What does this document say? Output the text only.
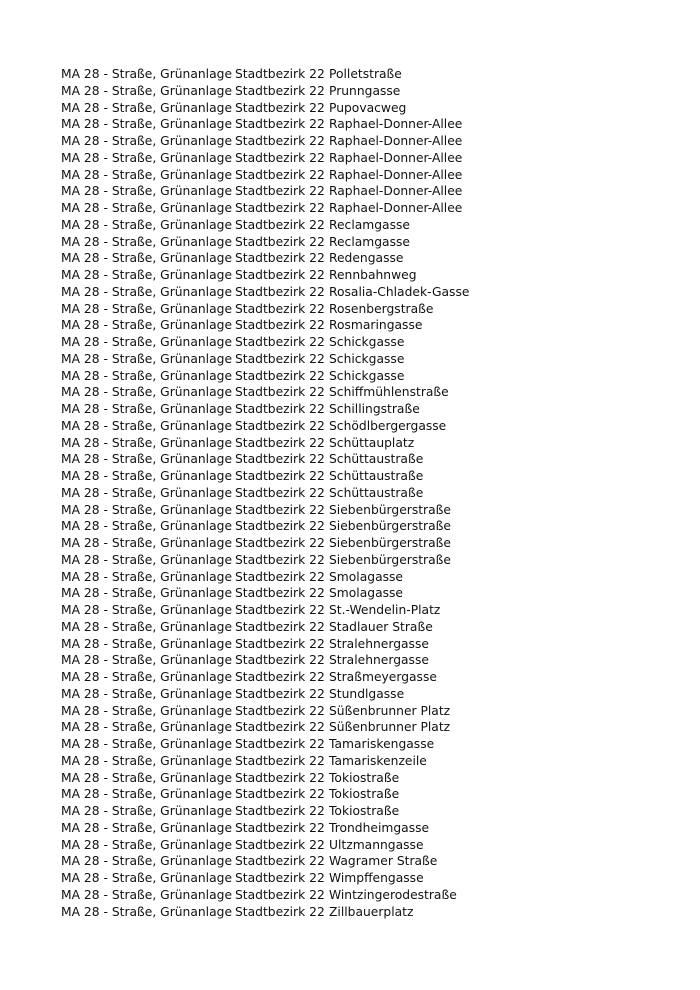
MA 28 - Straße, Grünanlage Stadtbezirk 22 Polletstraße
MA 28 - Straße, Grünanlage Stadtbezirk 22 Prunngasse
MA 28 - Straße, Grünanlage Stadtbezirk 22 Pupovacweg
MA 28 - Straße, Grünanlage Stadtbezirk 22 Raphael-Donner-Allee
MA 28 - Straße, Grünanlage Stadtbezirk 22 Raphael-Donner-Allee
MA 28 - Straße, Grünanlage Stadtbezirk 22 Raphael-Donner-Allee
MA 28 - Straße, Grünanlage Stadtbezirk 22 Raphael-Donner-Allee
MA 28 - Straße, Grünanlage Stadtbezirk 22 Raphael-Donner-Allee
MA 28 - Straße, Grünanlage Stadtbezirk 22 Raphael-Donner-Allee
MA 28 - Straße, Grünanlage Stadtbezirk 22 Reclamgasse
MA 28 - Straße, Grünanlage Stadtbezirk 22 Reclamgasse
MA 28 - Straße, Grünanlage Stadtbezirk 22 Redengasse
MA 28 - Straße, Grünanlage Stadtbezirk 22 Rennbahnweg
MA 28 - Straße, Grünanlage Stadtbezirk 22 Rosalia-Chladek-Gasse
MA 28 - Straße, Grünanlage Stadtbezirk 22 Rosenbergstraße
MA 28 - Straße, Grünanlage Stadtbezirk 22 Rosmaringasse
MA 28 - Straße, Grünanlage Stadtbezirk 22 Schickgasse
MA 28 - Straße, Grünanlage Stadtbezirk 22 Schickgasse
MA 28 - Straße, Grünanlage Stadtbezirk 22 Schickgasse
MA 28 - Straße, Grünanlage Stadtbezirk 22 Schiffmühlenstraße
MA 28 - Straße, Grünanlage Stadtbezirk 22 Schillingstraße
MA 28 - Straße, Grünanlage Stadtbezirk 22 Schödlbergergasse
MA 28 - Straße, Grünanlage Stadtbezirk 22 Schüttauplatz
MA 28 - Straße, Grünanlage Stadtbezirk 22 Schüttaustraße
MA 28 - Straße, Grünanlage Stadtbezirk 22 Schüttaustraße
MA 28 - Straße, Grünanlage Stadtbezirk 22 Schüttaustraße
MA 28 - Straße, Grünanlage Stadtbezirk 22 Siebenbürgerstraße
MA 28 - Straße, Grünanlage Stadtbezirk 22 Siebenbürgerstraße
MA 28 - Straße, Grünanlage Stadtbezirk 22 Siebenbürgerstraße
MA 28 - Straße, Grünanlage Stadtbezirk 22 Siebenbürgerstraße
MA 28 - Straße, Grünanlage Stadtbezirk 22 Smolagasse
MA 28 - Straße, Grünanlage Stadtbezirk 22 Smolagasse
MA 28 - Straße, Grünanlage Stadtbezirk 22 St.-Wendelin-Platz
MA 28 - Straße, Grünanlage Stadtbezirk 22 Stadlauer Straße
MA 28 - Straße, Grünanlage Stadtbezirk 22 Stralehnergasse
MA 28 - Straße, Grünanlage Stadtbezirk 22 Stralehnergasse
MA 28 - Straße, Grünanlage Stadtbezirk 22 Straßmeyergasse
MA 28 - Straße, Grünanlage Stadtbezirk 22 Stundlgasse
MA 28 - Straße, Grünanlage Stadtbezirk 22 Süßenbrunner Platz
MA 28 - Straße, Grünanlage Stadtbezirk 22 Süßenbrunner Platz
MA 28 - Straße, Grünanlage Stadtbezirk 22 Tamariskengasse
MA 28 - Straße, Grünanlage Stadtbezirk 22 Tamariskenzeile
MA 28 - Straße, Grünanlage Stadtbezirk 22 Tokiostraße
MA 28 - Straße, Grünanlage Stadtbezirk 22 Tokiostraße
MA 28 - Straße, Grünanlage Stadtbezirk 22 Tokiostraße
MA 28 - Straße, Grünanlage Stadtbezirk 22 Trondheimgasse
MA 28 - Straße, Grünanlage Stadtbezirk 22 Ultzmanngasse
MA 28 - Straße, Grünanlage Stadtbezirk 22 Wagramer Straße
MA 28 - Straße, Grünanlage Stadtbezirk 22 Wimpffengasse
MA 28 - Straße, Grünanlage Stadtbezirk 22 Wintzingerodestraße
MA 28 - Straße, Grünanlage Stadtbezirk 22 Zillbauerplatz
